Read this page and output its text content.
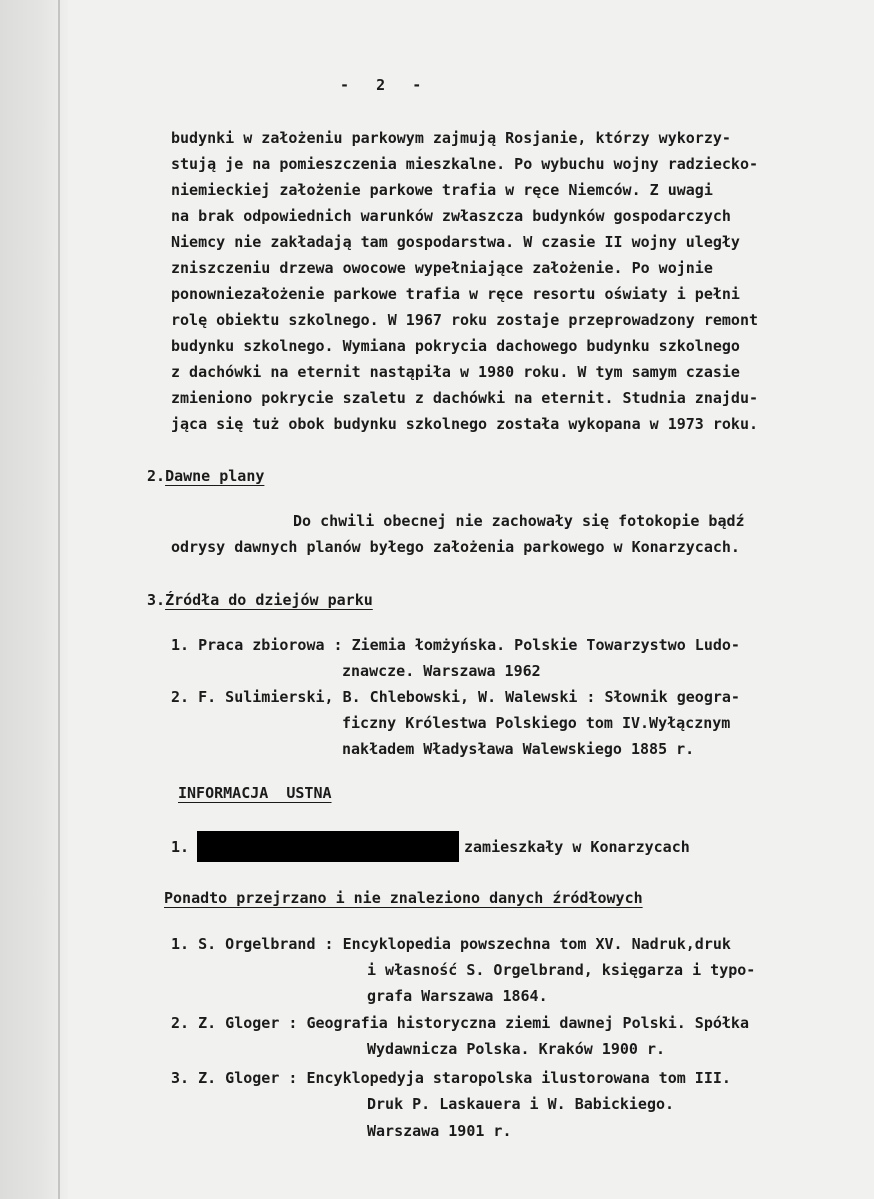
-   2   -
budynki w założeniu parkowym zajmują Rosjanie, którzy wykorzy-
stują je na pomieszczenia mieszkalne. Po wybuchu wojny radziecko-
niemieckiej założenie parkowe trafia w ręce Niemców. Z uwagi
na brak odpowiednich warunków zwłaszcza budynków gospodarczych
Niemcy nie zakładają tam gospodarstwa. W czasie II wojny uległy
zniszczeniu drzewa owocowe wypełniające założenie. Po wojnie
ponowniezałożenie parkowe trafia w ręce resortu oświaty i pełni
rolę obiektu szkolnego. W 1967 roku zostaje przeprowadzony remont
budynku szkolnego. Wymiana pokrycia dachowego budynku szkolnego
z dachówki na eternit nastąpiła w 1980 roku. W tym samym czasie
zmieniono pokrycie szaletu z dachówki na eternit. Studnia znajdu-
jąca się tuż obok budynku szkolnego została wykopana w 1973 roku.
2.Dawne plany
Do chwili obecnej nie zachowały się fotokopie bądź
odrysy dawnych planów byłego założenia parkowego w Konarzycach.
3.Źródła do dziejów parku
1. Praca zbiorowa : Ziemia łomżyńska. Polskie Towarzystwo Ludo-
znawcze. Warszawa 1962
2. F. Sulimierski, B. Chlebowski, W. Walewski : Słownik geogra-
ficzny Królestwa Polskiego tom IV.Wyłącznym
nakładem Władysława Walewskiego 1885 r.
INFORMACJA  USTNA
1.	zamieszkały w Konarzycach
Ponadto przejrzano i nie znaleziono danych źródłowych
1. S. Orgelbrand : Encyklopedia powszechna tom XV. Nadruk,druk
i własność S. Orgelbrand, księgarza i typo-
grafa Warszawa 1864.
2. Z. Gloger : Geografia historyczna ziemi dawnej Polski. Spółka
Wydawnicza Polska. Kraków 1900 r.
3. Z. Gloger : Encyklopedyja staropolska ilustorowana tom III.
Druk P. Laskauera i W. Babickiego.
Warszawa 1901 r.
